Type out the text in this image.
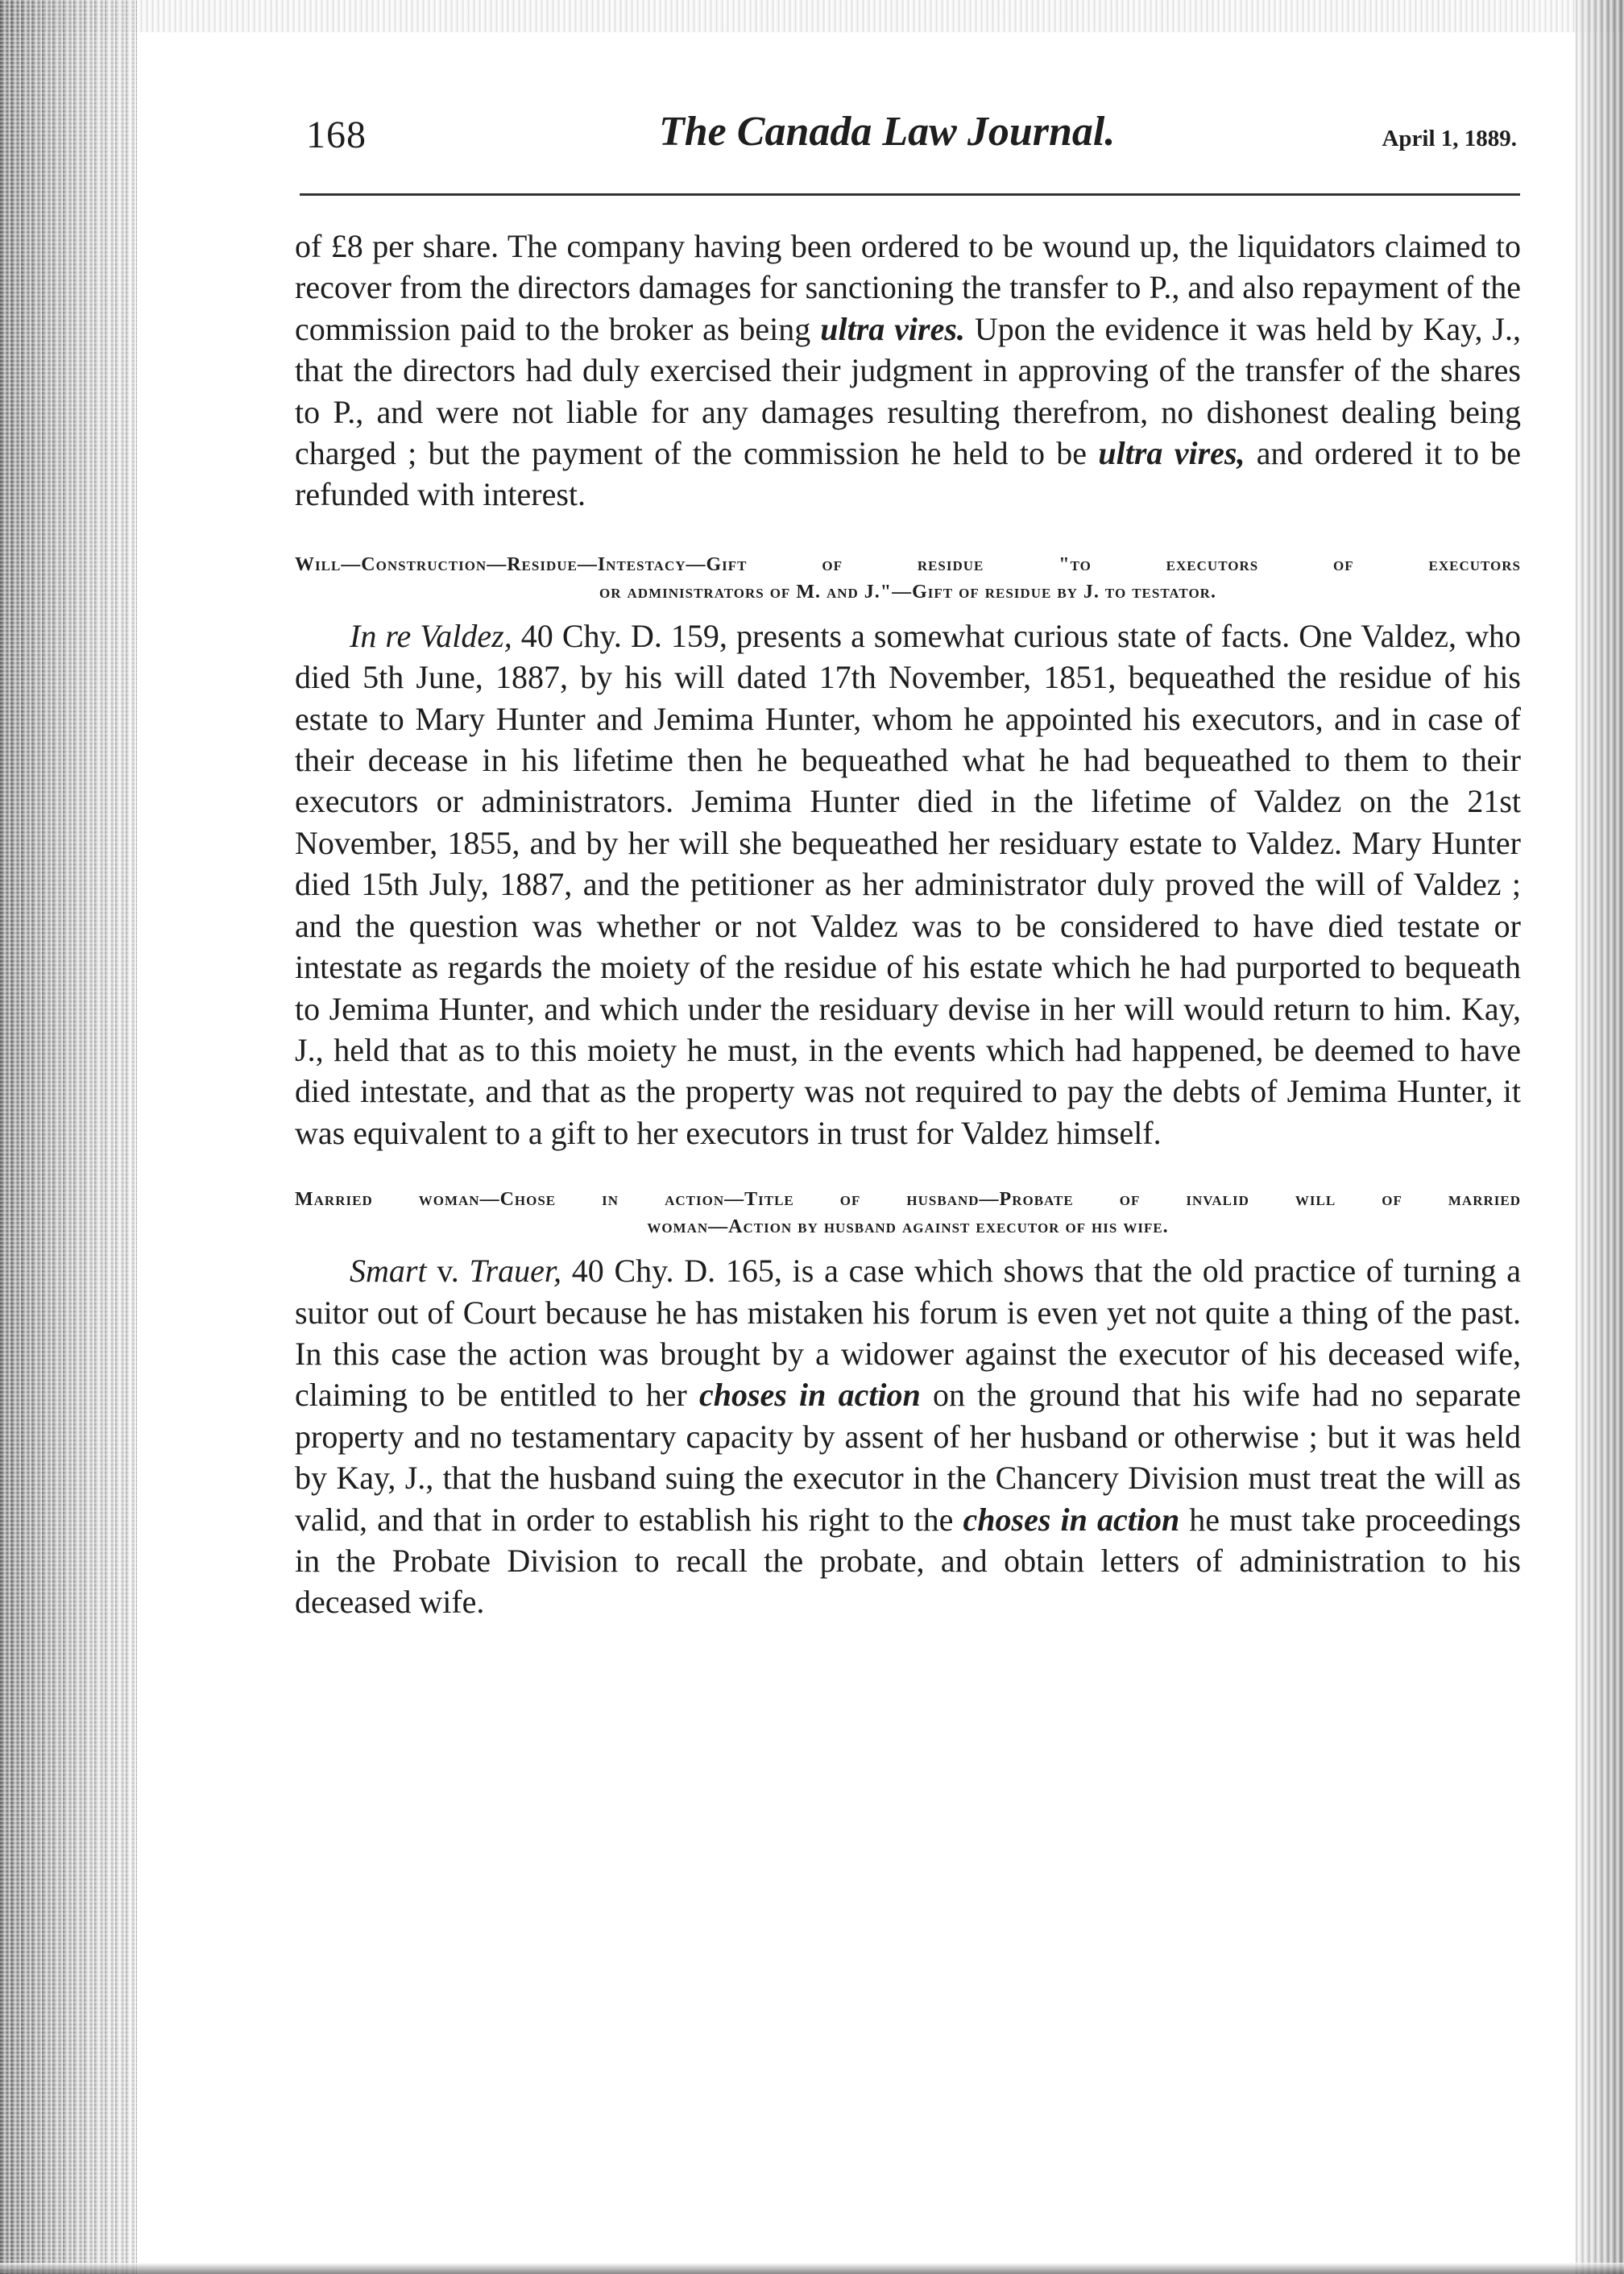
168	The Canada Law Journal.	April 1, 1889.

of £8 per share. The company having been ordered to be wound up, the liquidators claimed to recover from the directors damages for sanctioning the transfer to P., and also repayment of the commission paid to the broker as being ultra vires. Upon the evidence it was held by Kay, J., that the directors had duly exercised their judgment in approving of the transfer of the shares to P., and were not liable for any damages resulting therefrom, no dishonest dealing being charged ; but the payment of the commission he held to be ultra vires, and ordered it to be refunded with interest.

Will—Construction—Residue—Intestacy—Gift of residue "to executors of executors
or administrators of M. and J."—Gift of residue by J. to testator.

In re Valdez, 40 Chy. D. 159, presents a somewhat curious state of facts. One Valdez, who died 5th June, 1887, by his will dated 17th November, 1851, bequeathed the residue of his estate to Mary Hunter and Jemima Hunter, whom he appointed his executors, and in case of their decease in his lifetime then he bequeathed what he had bequeathed to them to their executors or administrators. Jemima Hunter died in the lifetime of Valdez on the 21st November, 1855, and by her will she bequeathed her residuary estate to Valdez. Mary Hunter died 15th July, 1887, and the petitioner as her administrator duly proved the will of Valdez ; and the question was whether or not Valdez was to be considered to have died testate or intestate as regards the moiety of the residue of his estate which he had purported to bequeath to Jemima Hunter, and which under the residuary devise in her will would return to him. Kay, J., held that as to this moiety he must, in the events which had happened, be deemed to have died intestate, and that as the property was not required to pay the debts of Jemima Hunter, it was equivalent to a gift to her executors in trust for Valdez himself.

Married woman—Chose in action—Title of husband—Probate of invalid will of married
woman—Action by husband against executor of his wife.

Smart v. Trauer, 40 Chy. D. 165, is a case which shows that the old practice of turning a suitor out of Court because he has mistaken his forum is even yet not quite a thing of the past. In this case the action was brought by a widower against the executor of his deceased wife, claiming to be entitled to her choses in action on the ground that his wife had no separate property and no testamentary capacity by assent of her husband or otherwise ; but it was held by Kay, J., that the husband suing the executor in the Chancery Division must treat the will as valid, and that in order to establish his right to the choses in action he must take proceedings in the Probate Division to recall the probate, and obtain letters of administration to his deceased wife.
